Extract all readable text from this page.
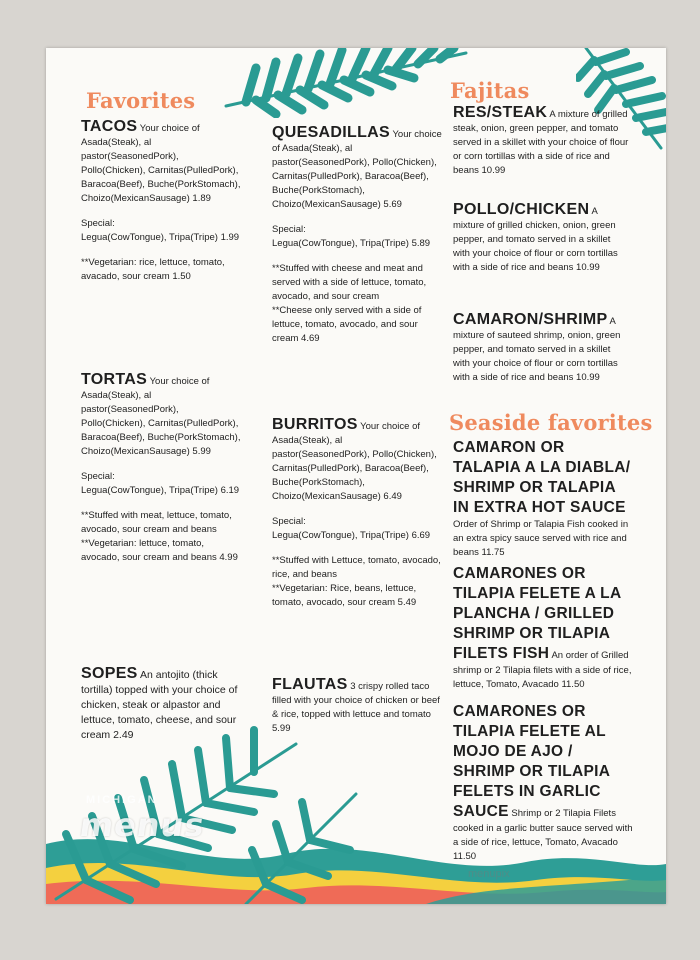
MICHIGAN
menus
menupix
Favorites

TACOS Your choice of Asada(Steak), al pastor(SeasonedPork), Pollo(Chicken), Carnitas(PulledPork), Baracoa(Beef), Buche(PorkStomach), Choizo(MexicanSausage) 1.89

Special:

Legua(CowTongue), Tripa(Tripe) 1.99

**Vegetarian: rice, lettuce, tomato, avacado, sour cream 1.50

TORTAS Your choice of Asada(Steak), al pastor(SeasonedPork), Pollo(Chicken), Carnitas(PulledPork), Baracoa(Beef), Buche(PorkStomach), Choizo(MexicanSausage) 5.99

Special:

Legua(CowTongue), Tripa(Tripe) 6.19

**Stuffed with meat, lettuce, tomato, avocado, sour cream and beans

**Vegetarian: lettuce, tomato, avocado, sour cream and beans 4.99

SOPES An antojito (thick tortilla) topped with your choice of chicken, steak or alpastor and lettuce, tomato, cheese, and sour cream 2.49

QUESADILLAS Your choice of Asada(Steak), al pastor(SeasonedPork), Pollo(Chicken), Carnitas(PulledPork), Baracoa(Beef), Buche(PorkStomach), Choizo(MexicanSausage) 5.69

Special:

Legua(CowTongue), Tripa(Tripe) 5.89

**Stuffed with cheese and meat and served with a side of lettuce, tomato, avocado, and sour cream

**Cheese only served with a side of lettuce, tomato, avocado, and sour cream 4.69

BURRITOS Your choice of Asada(Steak), al pastor(SeasonedPork), Pollo(Chicken), Carnitas(PulledPork), Baracoa(Beef), Buche(PorkStomach), Choizo(MexicanSausage) 6.49

Special:

Legua(CowTongue), Tripa(Tripe) 6.69

**Stuffed with Lettuce, tomato, avocado, rice, and beans

**Vegetarian: Rice, beans, lettuce, tomato, avocado, sour cream 5.49

FLAUTAS 3 crispy rolled taco filled with your choice of chicken or beef & rice, topped with lettuce and tomato 5.99

Fajitas

RES/STEAK A mixture of grilled steak, onion, green pepper, and tomato served in a skillet with your choice of flour or corn tortillas with a side of rice and beans 10.99

POLLO/CHICKEN A mixture of grilled chicken, onion, green pepper, and tomato served in a skillet with your choice of flour or corn tortillas with a side of rice and beans 10.99

CAMARON/SHRIMP A mixture of sauteed shrimp, onion, green pepper, and tomato served in a skillet with your choice of flour or corn tortillas with a side of rice and beans 10.99

Seaside favorites

CAMARON OR TALAPIA A LA DIABLA/ SHRIMP OR TALAPIA IN EXTRA HOT SAUCE Order of Shrimp or Talapia Fish cooked in an extra spicy sauce served with rice and beans 11.75

CAMARONES OR TILAPIA FELETE A LA PLANCHA / GRILLED SHRIMP OR TILAPIA FILETS FISH An order of Grilled shrimp or 2 Tilapia filets with a side of rice, lettuce, Tomato, Avacado 11.50

CAMARONES OR TILAPIA FELETE AL MOJO DE AJO / SHRIMP OR TILAPIA FELETS IN GARLIC SAUCE Shrimp or 2 Tilapia Filets cooked in a garlic butter sauce served with a side of rice, lettuce, Tomato, Avacado 11.50
